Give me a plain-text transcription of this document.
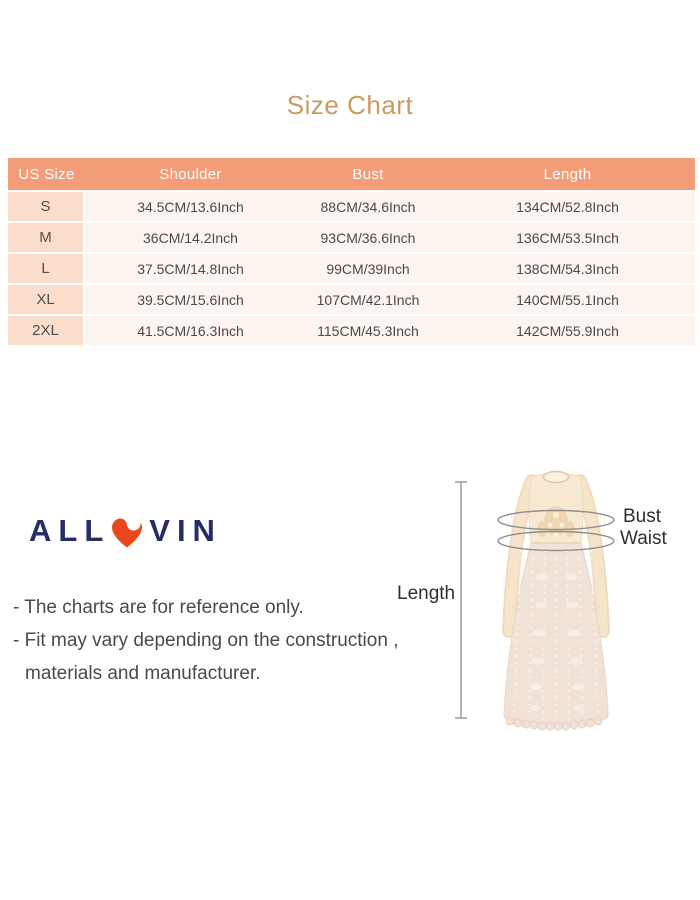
Size Chart
US Size	Shoulder	Bust	Length
S	34.5CM/13.6Inch	88CM/34.6Inch	134CM/52.8Inch
M	36CM/14.2Inch	93CM/36.6Inch	136CM/53.5Inch
L	37.5CM/14.8Inch	99CM/39Inch	138CM/54.3Inch
XL	39.5CM/15.6Inch	107CM/42.1Inch	140CM/55.1Inch
2XL	41.5CM/16.3Inch	115CM/45.3Inch	142CM/55.9Inch
ALL VIN

- The charts are for reference only.

- Fit may vary depending on the construction ,

materials and manufacturer.

Length
Bust
Waist
